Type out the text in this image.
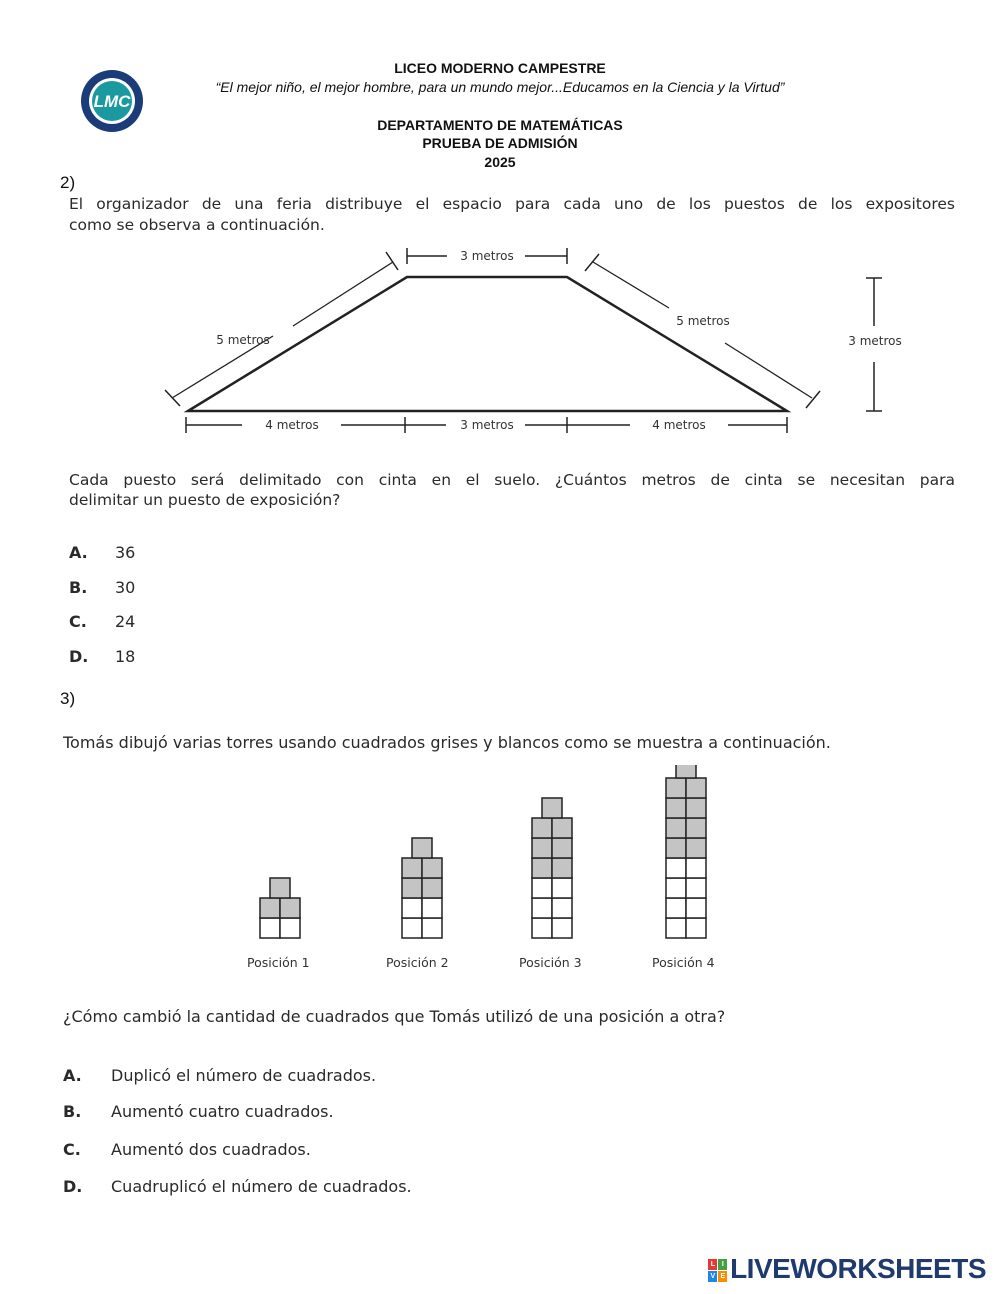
LMC
LICEO MODERNO CAMPESTRE
“El mejor niño, el mejor hombre, para un mundo mejor...Educamos en la Ciencia y la Virtud”
DEPARTAMENTO DE MATEMÁTICAS
PRUEBA DE ADMISIÓN
2025
2)
El organizador de una feria distribuye el espacio para cada uno de los puestos de los expositores
como se observa a continuación.
3 metros
5 metros
5 metros
3 metros
4 metros	3 metros	4 metros
Cada puesto será delimitado con cinta en el suelo. ¿Cuántos metros de cinta se necesitan para
delimitar un puesto de exposición?
A. 36
B. 30
C. 24
D. 18
3)
Tomás dibujó varias torres usando cuadrados grises y blancos como se muestra a continuación.
Posición 1	Posición 2	Posición 3	Posición 4
¿Cómo cambió la cantidad de cuadrados que Tomás utilizó de una posición a otra?
A. Duplicó el número de cuadrados.
B. Aumentó cuatro cuadrados.
C. Aumentó dos cuadrados.
D. Cuadruplicó el número de cuadrados.
L	I
V E LIVEWORKSHEETS
